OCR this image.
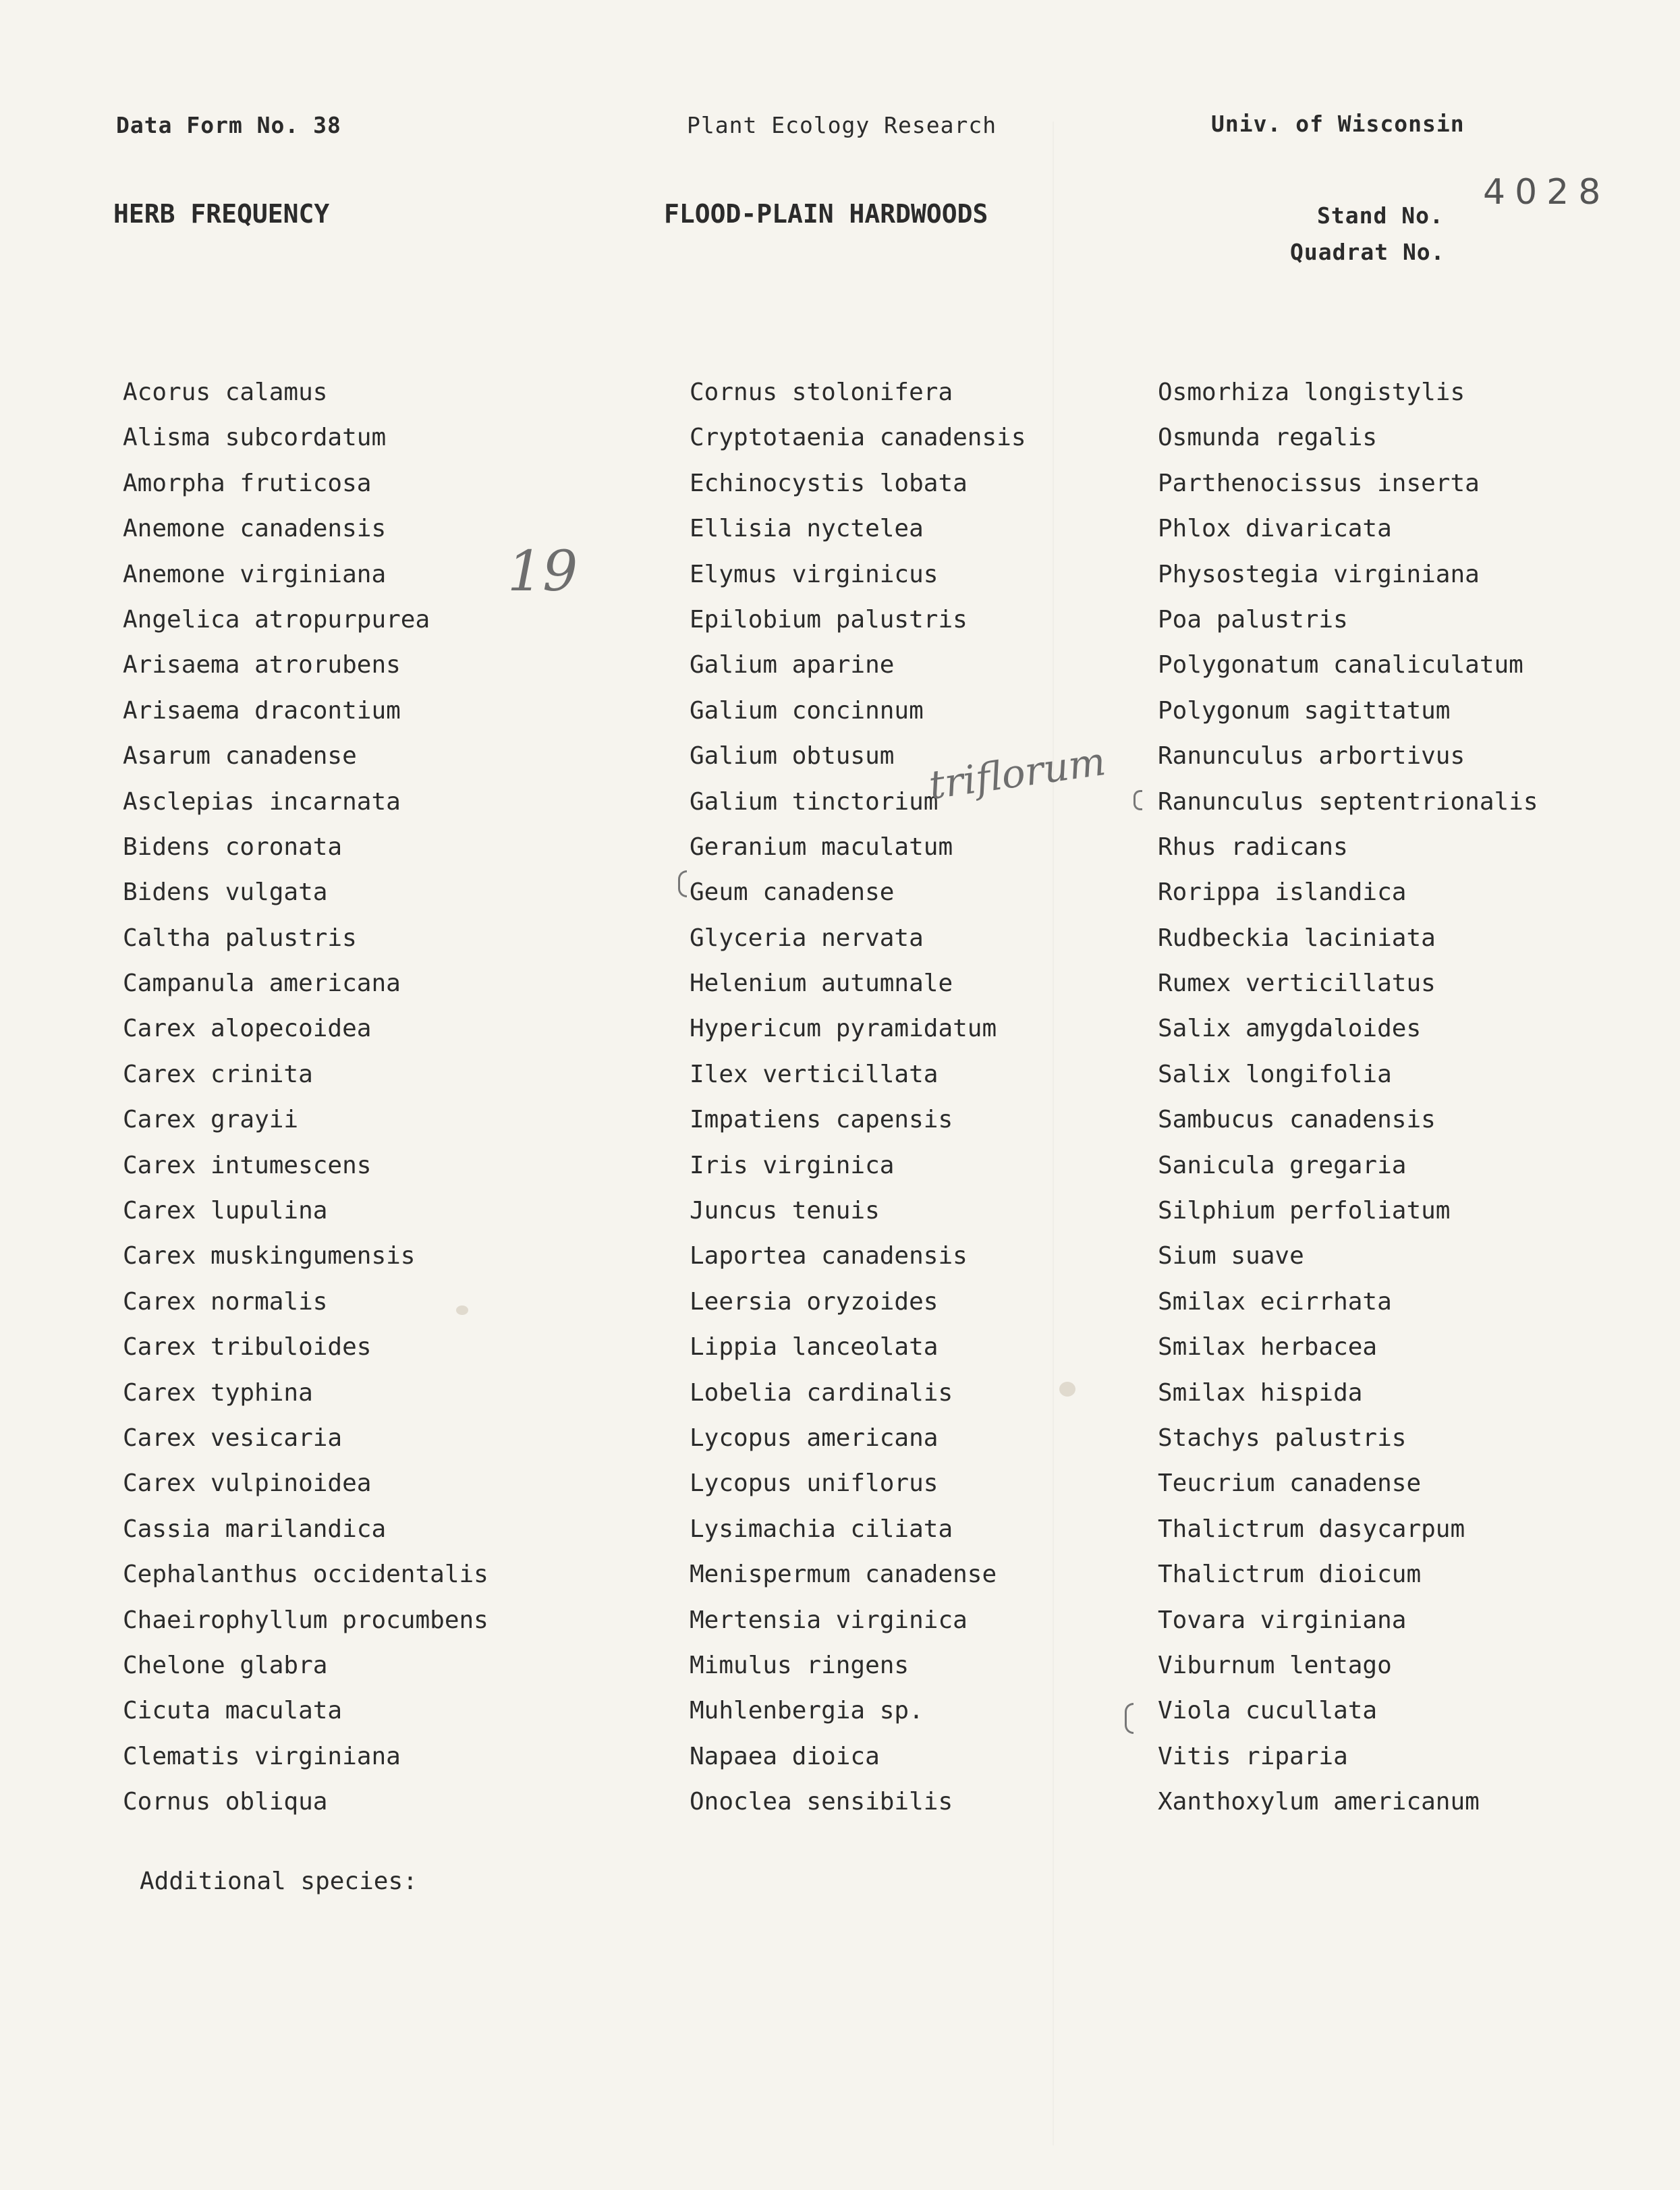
Data Form No. 38	Plant Ecology Research	Univ. of Wisconsin
HERB FREQUENCY	FLOOD-PLAIN HARDWOODS	Stand No.
Quadrat No.
4028
Acorus calamus
Alisma subcordatum
Amorpha fruticosa
Anemone canadensis
Anemone virginiana
Angelica atropurpurea
Arisaema atrorubens
Arisaema dracontium
Asarum canadense
Asclepias incarnata
Bidens coronata
Bidens vulgata
Caltha palustris
Campanula americana
Carex alopecoidea
Carex crinita
Carex grayii
Carex intumescens
Carex lupulina
Carex muskingumensis
Carex normalis
Carex tribuloides
Carex typhina
Carex vesicaria
Carex vulpinoidea
Cassia marilandica
Cephalanthus occidentalis
Chaeirophyllum procumbens
Chelone glabra
Cicuta maculata
Clematis virginiana
Cornus obliqua
Cornus stolonifera
Cryptotaenia canadensis
Echinocystis lobata
Ellisia nyctelea
Elymus virginicus
Epilobium palustris
Galium aparine
Galium concinnum
Galium obtusum
Galium tinctorium
Geranium maculatum
Geum canadense
Glyceria nervata
Helenium autumnale
Hypericum pyramidatum
Ilex verticillata
Impatiens capensis
Iris virginica
Juncus tenuis
Laportea canadensis
Leersia oryzoides
Lippia lanceolata
Lobelia cardinalis
Lycopus americana
Lycopus uniflorus
Lysimachia ciliata
Menispermum canadense
Mertensia virginica
Mimulus ringens
Muhlenbergia sp.
Napaea dioica
Onoclea sensibilis
Osmorhiza longistylis
Osmunda regalis
Parthenocissus inserta
Phlox divaricata
Physostegia virginiana
Poa palustris
Polygonatum canaliculatum
Polygonum sagittatum
Ranunculus arbortivus
Ranunculus septentrionalis
Rhus radicans
Rorippa islandica
Rudbeckia laciniata
Rumex verticillatus
Salix amygdaloides
Salix longifolia
Sambucus canadensis
Sanicula gregaria
Silphium perfoliatum
Sium suave
Smilax ecirrhata
Smilax herbacea
Smilax hispida
Stachys palustris
Teucrium canadense
Thalictrum dasycarpum
Thalictrum dioicum
Tovara virginiana
Viburnum lentago
Viola cucullata
Vitis riparia
Xanthoxylum americanum
Additional species:
19
triflorum
